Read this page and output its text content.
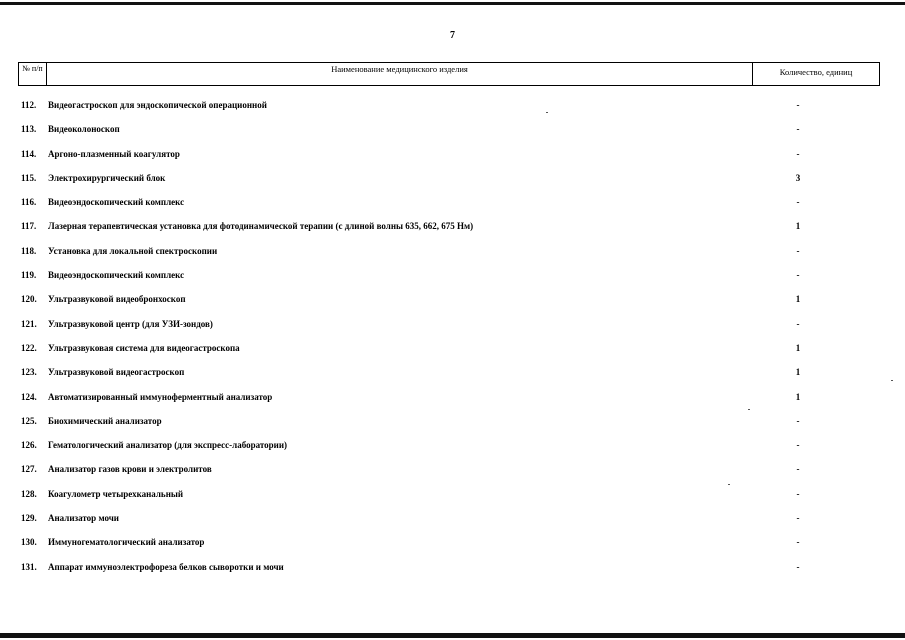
7
№ п/п	Наименование медицинского изделия	Количество, единиц
112.	Видеогастроскоп для эндоскопической операционной	-
113.	Видеоколоноскоп	-
114.	Аргоно-плазменный коагулятор	-
115.	Электрохирургический блок	3
116.	Видеоэндоскопический комплекс	-
117.	Лазерная терапевтическая установка для фотодинамической терапии (с длиной волны 635, 662, 675 Нм)	1
118.	Установка для локальной спектроскопии	-
119.	Видеоэндоскопический комплекс	-
120.	Ультразвуковой видеобронхоскоп	1
121.	Ультразвуковой центр (для УЗИ-зондов)	-
122.	Ультразвуковая система для видеогастроскопа	1
123.	Ультразвуковой видеогастроскоп	1
124.	Автоматизированный иммуноферментный анализатор	1
125.	Биохимический анализатор	-
126.	Гематологический анализатор (для экспресс-лаборатории)	-
127.	Анализатор газов крови и электролитов	-
128.	Коагулометр четырехканальный	-
129.	Анализатор мочи	-
130.	Иммуногематологический анализатор	-
131.	Аппарат иммуноэлектрофореза белков сыворотки и мочи	-
